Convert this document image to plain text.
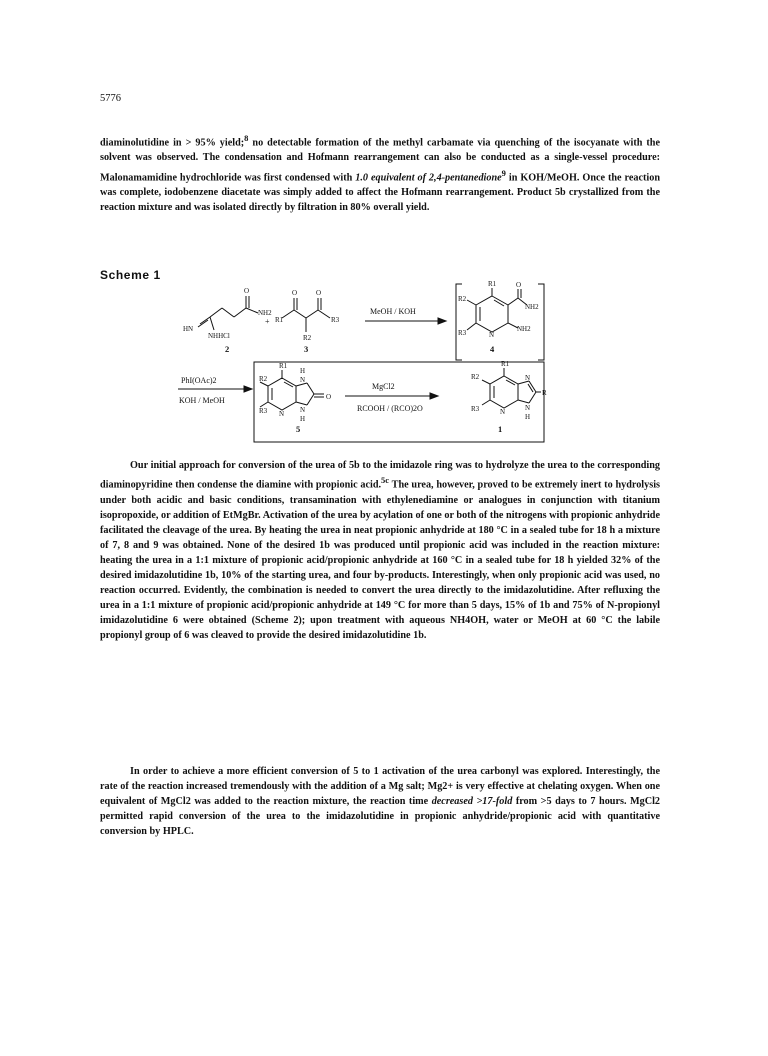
5776

diaminolutidine in > 95% yield;$^8$ no detectable formation of the methyl carbamate via quenching of the isocyanate with the solvent was observed. The condensation and Hofmann rearrangement can also be conducted as a single-vessel procedure: Malonamamidine hydrochloride was first condensed with 1.0 equivalent of 2,4-pentanedione$^9$ in KOH/MeOH. Once the reaction was complete, iodobenzene diacetate was simply added to affect the Hofmann rearrangement. Product 5b crystallized from the reaction mixture and was isolated directly by filtration in 80% overall yield.

Scheme 1
O
NH2
HN
NHHCl
2
+
O	O
R1	R3
R2
3
MeOH / KOH
R1	O
NH2
NH2
R2
R3	N
4
PhI(OAc)2
KOH / MeOH
R1
H
N
O
N
H
R2
R3 N
5
MgCl2
RCOOH / (RCO)2O
R1
N
R
N
H
R2
R3	N
1

Our initial approach for conversion of the urea of 5b to the imidazole ring was to hydrolyze the urea to the corresponding diaminopyridine then condense the diamine with propionic acid.$^{5c}$ The urea, however, proved to be extremely inert to hydrolysis under both acidic and basic conditions, transamination with ethylenediamine or analogues in conjunction with titanium isopropoxide, or addition of EtMgBr. Activation of the urea by acylation of one or both of the nitrogens with propionic anhydride facilitated the cleavage of the urea. By heating the urea in neat propionic anhydride at 180 °C in a sealed tube for 18 h a mixture of 7, 8 and 9 was obtained. None of the desired 1b was produced until propionic acid was included in the reaction mixture: heating the urea in a 1:1 mixture of propionic acid/propionic anhydride at 160 °C in a sealed tube for 18 h yielded 32% of the desired imidazolutidine 1b, 10% of the starting urea, and four by-products. Interestingly, when only propionic acid was used, no reaction occurred. Evidently, the combination is needed to convert the urea directly to the imidazolutidine. After refluxing the urea in a 1:1 mixture of propionic acid/propionic anhydride at 149 °C for more than 5 days, 15% of 1b and 75% of N-propionyl imidazolutidine 6 were obtained (Scheme 2); upon treatment with aqueous NH4OH, water or MeOH at 60 °C the labile propionyl group of 6 was cleaved to provide the desired imidazolutidine 1b.

In order to achieve a more efficient conversion of 5 to 1 activation of the urea carbonyl was explored. Interestingly, the rate of the reaction increased tremendously with the addition of a Mg salt; Mg2+ is very effective at chelating oxygen. When one equivalent of MgCl2 was added to the reaction mixture, the reaction time decreased >17-fold from >5 days to 7 hours. MgCl2 permitted rapid conversion of the urea to the imidazolutidine in propionic anhydride/propionic acid with quantitative conversion by HPLC.
